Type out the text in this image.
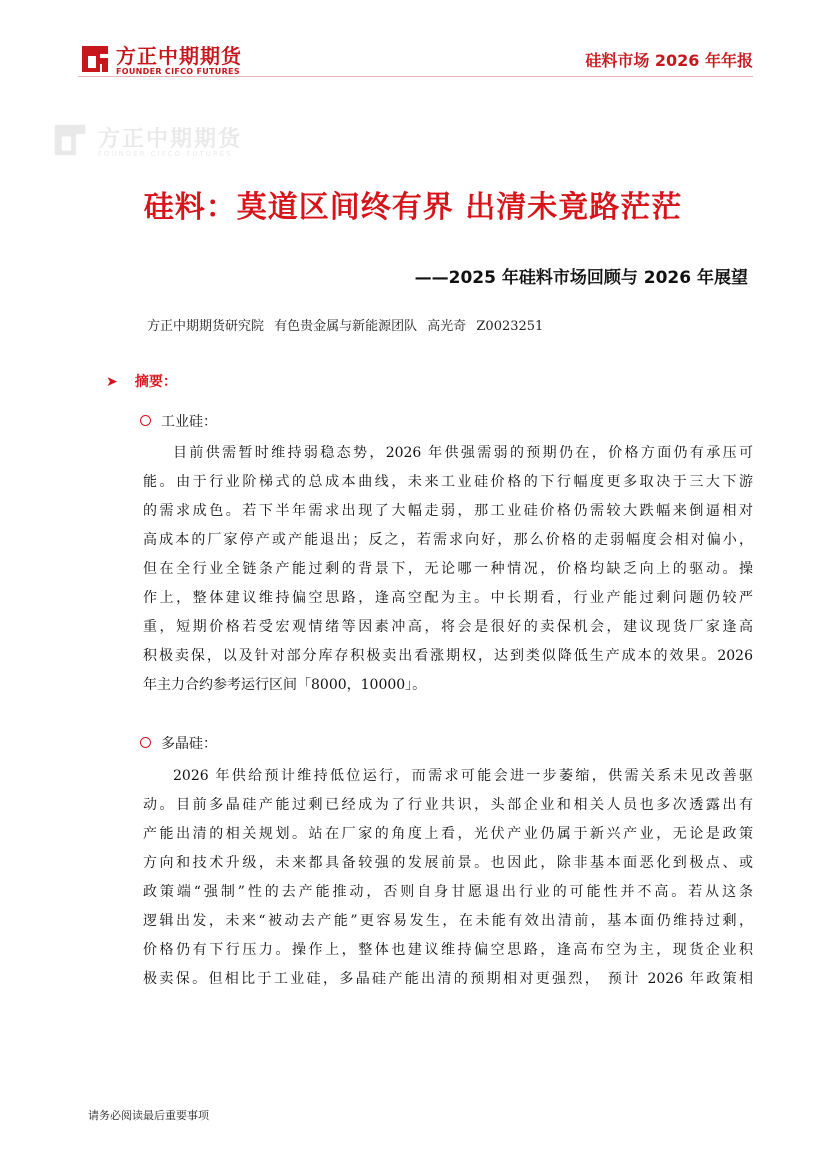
方正中期期货
FOUNDER CIFCO FUTURES
硅料市场 2026 年年报
方正中期期货
FOUNDER CIFCO FUTURES
硅料：莫道区间终有界 出清未竟路茫茫
——2025 年硅料市场回顾与 2026 年展望
方正中期期货研究院 有色贵金属与新能源团队 高光奇 Z0023251
➤ 摘要：
工业硅：
目前供需暂时维持弱稳态势，2026 年供强需弱的预期仍在，价格方面仍有承压可
能。由于行业阶梯式的总成本曲线，未来工业硅价格的下行幅度更多取决于三大下游
的需求成色。若下半年需求出现了大幅走弱，那工业硅价格仍需较大跌幅来倒逼相对
高成本的厂家停产或产能退出；反之，若需求向好，那么价格的走弱幅度会相对偏小，
但在全行业全链条产能过剩的背景下，无论哪一种情况，价格均缺乏向上的驱动。操
作上，整体建议维持偏空思路，逢高空配为主。中长期看，行业产能过剩问题仍较严
重，短期价格若受宏观情绪等因素冲高，将会是很好的卖保机会，建议现货厂家逢高
积极卖保，以及针对部分库存积极卖出看涨期权，达到类似降低生产成本的效果。2026
年主力合约参考运行区间「8000，10000」。
多晶硅：
2026 年供给预计维持低位运行，而需求可能会进一步萎缩，供需关系未见改善驱
动。目前多晶硅产能过剩已经成为了行业共识，头部企业和相关人员也多次透露出有
产能出清的相关规划。站在厂家的角度上看，光伏产业仍属于新兴产业，无论是政策
方向和技术升级，未来都具备较强的发展前景。也因此，除非基本面恶化到极点、或
政策端“强制”性的去产能推动，否则自身甘愿退出行业的可能性并不高。若从这条
逻辑出发，未来“被动去产能”更容易发生，在未能有效出清前，基本面仍维持过剩，
价格仍有下行压力。操作上，整体也建议维持偏空思路，逢高布空为主，现货企业积
极卖保。但相比于工业硅，多晶硅产能出清的预期相对更强烈， 预计 2026 年政策相
请务必阅读最后重要事项
